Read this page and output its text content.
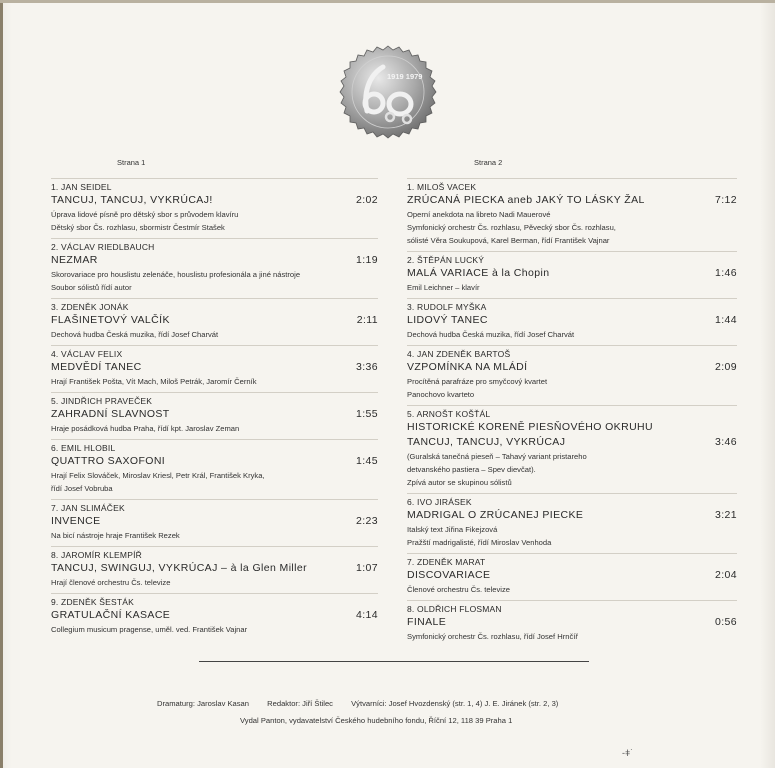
1919 1979
Strana 1	Strana 2
1. JAN SEIDEL
TANCUJ, TANCUJ, VYKRÚCAJ!	2:02
Úprava lidové písně pro dětský sbor s průvodem klavíru
Dětský sbor Čs. rozhlasu, sbormistr Čestmír Stašek
2. VÁCLAV RIEDLBAUCH
NEZMAR	1:19
Skorovariace pro houslistu zelenáče, houslistu profesionála a jiné nástroje
Soubor sólistů řídí autor
3. ZDENĚK JONÁK
FLAŠINETOVÝ VALČÍK	2:11
Dechová hudba Česká muzika, řídí Josef Charvát
4. VÁCLAV FELIX
MEDVĚDÍ TANEC	3:36
Hrají František Pošta, Vít Mach, Miloš Petrák, Jaromír Černík
5. JINDŘICH PRAVEČEK
ZAHRADNÍ SLAVNOST	1:55
Hraje posádková hudba Praha, řídí kpt. Jaroslav Zeman
6. EMIL HLOBIL
QUATTRO SAXOFONI	1:45
Hrají Felix Slováček, Miroslav Kriesl, Petr Král, František Kryka,
řídí Josef Vobruba
7. JAN SLIMÁČEK
INVENCE	2:23
Na bicí nástroje hraje František Rezek
8. JAROMÍR KLEMPÍŘ
TANCUJ, SWINGUJ, VYKRÚCAJ – à la Glen Miller	1:07
Hrají členové orchestru Čs. televize
9. ZDENĚK ŠESTÁK
GRATULAČNÍ KASACE	4:14
Collegium musicum pragense, uměl. ved. František Vajnar
1. MILOŠ VACEK
ZRÚCANÁ PIECKA aneb JAKÝ TO LÁSKY ŽAL	7:12
Operní anekdota na libreto Nadi Mauerové
Symfonický orchestr Čs. rozhlasu, Pěvecký sbor Čs. rozhlasu,
sólisté Věra Soukupová, Karel Berman, řídí František Vajnar
2. ŠTĚPÁN LUCKÝ
MALÁ VARIACE à la Chopin	1:46
Emil Leichner – klavír
3. RUDOLF MYŠKA
LIDOVÝ TANEC	1:44
Dechová hudba Česká muzika, řídí Josef Charvát
4. JAN ZDENĚK BARTOŠ
VZPOMÍNKA NA MLÁDÍ	2:09
Procítěná parafráze pro smyčcový kvartet
Panochovo kvarteto
5. ARNOŠT KOŠŤÁL
HISTORICKÉ KORENĚ PIESŇOVÉHO OKRUHU
TANCUJ, TANCUJ, VYKRÚCAJ	3:46
(Guralská tanečná pieseň – Tahavý variant pristareho
detvanského pastiera – Spev dievčat).
Zpívá autor se skupinou sólistů
6. IVO JIRÁSEK
MADRIGAL O ZRÚCANEJ PIECKE	3:21
Italský text Jiřina Fikejzová
Pražští madrigalisté, řídí Miroslav Venhoda
7. ZDENĚK MARAT
DISCOVARIACE	2:04
Členové orchestru Čs. televize
8. OLDŘICH FLOSMAN
FINALE	0:56
Symfonický orchestr Čs. rozhlasu, řídí Josef Hrnčíř
Dramaturg: Jaroslav Kasan Redaktor: Jiří Štilec Výtvarníci: Josef Hvozdenský (str. 1, 4) J. E. Jiránek (str. 2, 3)
Vydal Panton, vydavatelství Českého hudebního fondu, Říční 12, 118 39 Praha 1
-ǂ˙
